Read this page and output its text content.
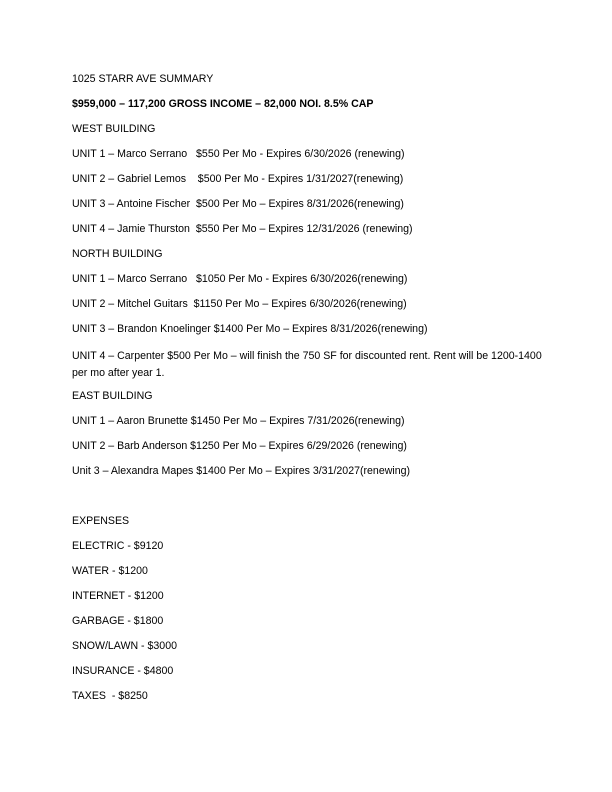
1025 STARR AVE SUMMARY
$959,000 – 117,200 GROSS INCOME – 82,000 NOI. 8.5% CAP
WEST BUILDING
UNIT 1 – Marco Serrano   $550 Per Mo - Expires 6/30/2026 (renewing)
UNIT 2 – Gabriel Lemos    $500 Per Mo - Expires 1/31/2027(renewing)
UNIT 3 – Antoine Fischer  $500 Per Mo – Expires 8/31/2026(renewing)
UNIT 4 – Jamie Thurston  $550 Per Mo – Expires 12/31/2026 (renewing)
NORTH BUILDING
UNIT 1 – Marco Serrano   $1050 Per Mo - Expires 6/30/2026(renewing)
UNIT 2 – Mitchel Guitars  $1150 Per Mo – Expires 6/30/2026(renewing)
UNIT 3 – Brandon Knoelinger $1400 Per Mo – Expires 8/31/2026(renewing)
UNIT 4 – Carpenter $500 Per Mo – will finish the 750 SF for discounted rent. Rent will be 1200-1400 per mo after year 1.
EAST BUILDING
UNIT 1 – Aaron Brunette $1450 Per Mo – Expires 7/31/2026(renewing)
UNIT 2 – Barb Anderson $1250 Per Mo – Expires 6/29/2026 (renewing)
Unit 3 – Alexandra Mapes $1400 Per Mo – Expires 3/31/2027(renewing)
EXPENSES
ELECTRIC - $9120
WATER - $1200
INTERNET - $1200
GARBAGE - $1800
SNOW/LAWN - $3000
INSURANCE - $4800
TAXES  - $8250
